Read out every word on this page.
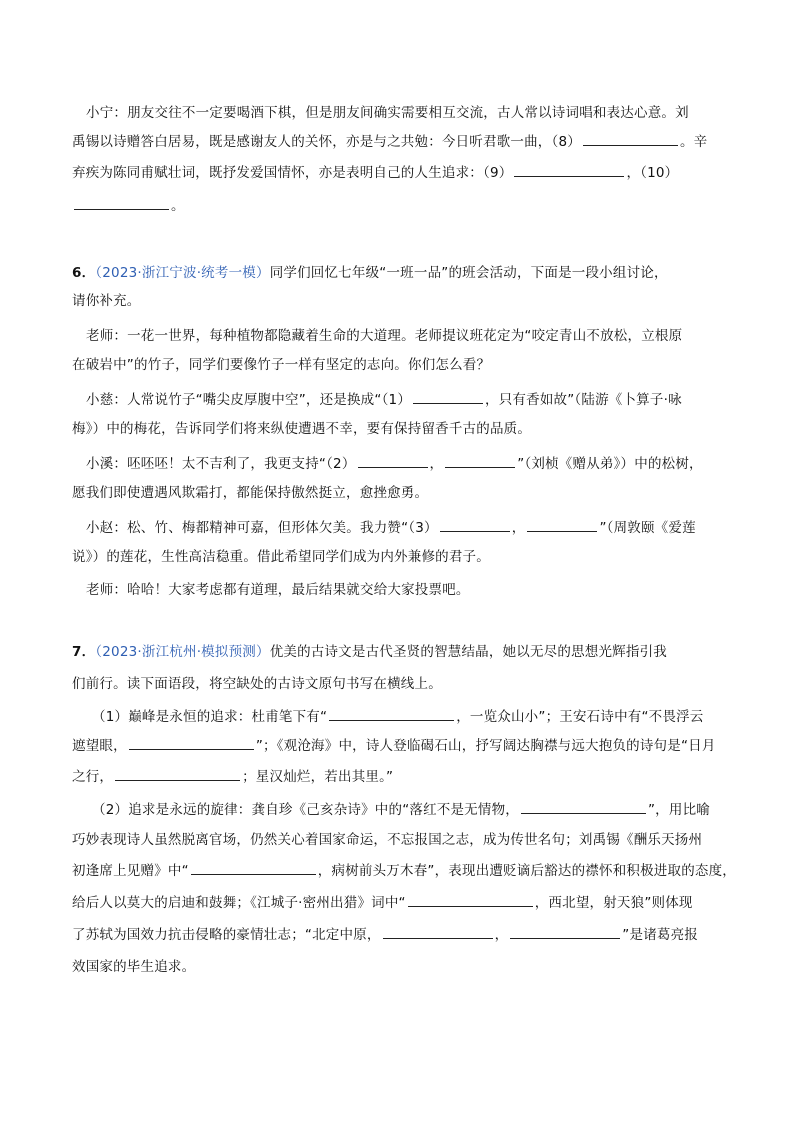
小宁：朋友交往不一定要喝酒下棋，但是朋友间确实需要相互交流，古人常以诗词唱和表达心意。刘
禹锡以诗赠答白居易，既是感谢友人的关怀，亦是与之共勉：今日听君歌一曲，（8）	。辛
弃疾为陈同甫赋壮词，既抒发爱国情怀，亦是表明自己的人生追求：（9）	，（10）
。
6．（2023·浙江宁波·统考一模）同学们回忆七年级“一班一品”的班会活动，下面是一段小组讨论，
请你补充。
老师：一花一世界，每种植物都隐藏着生命的大道理。老师提议班花定为“咬定青山不放松，立根原
在破岩中”的竹子，同学们要像竹子一样有坚定的志向。你们怎么看？
小慈：人常说竹子“嘴尖皮厚腹中空”，还是换成“（1）	，只有香如故”（陆游《卜算子·咏
梅》）中的梅花，告诉同学们将来纵使遭遇不幸，要有保持留香千古的品质。
小溪：呸呸呸！太不吉利了，我更支持“（2）	，	”（刘桢《赠从弟》）中的松树，
愿我们即使遭遇风欺霜打，都能保持傲然挺立，愈挫愈勇。
小赵：松、竹、梅都精神可嘉，但形体欠美。我力赞“（3）	，	”（周敦颐《爱莲
说》）的莲花，生性高洁稳重。借此希望同学们成为内外兼修的君子。
老师：哈哈！大家考虑都有道理，最后结果就交给大家投票吧。
7．（2023·浙江杭州·模拟预测）优美的古诗文是古代圣贤的智慧结晶，她以无尽的思想光辉指引我
们前行。读下面语段，将空缺处的古诗文原句书写在横线上。
（1）巅峰是永恒的追求：杜甫笔下有“	，一览众山小”；王安石诗中有“不畏浮云
遮望眼，	”；《观沧海》中，诗人登临碣石山，抒写阔达胸襟与远大抱负的诗句是“日月
之行，	；星汉灿烂，若出其里。”
（2）追求是永远的旋律：龚自珍《己亥杂诗》中的“落红不是无情物，	”，用比喻
巧妙表现诗人虽然脱离官场，仍然关心着国家命运，不忘报国之志，成为传世名句；刘禹锡《酬乐天扬州
初逢席上见赠》中“	，病树前头万木春”，表现出遭贬谪后豁达的襟怀和积极进取的态度，
给后人以莫大的启迪和鼓舞；《江城子·密州出猎》词中“	，西北望，射天狼”则体现
了苏轼为国效力抗击侵略的豪情壮志；“北定中原，	，	”是诸葛亮报
效国家的毕生追求。
